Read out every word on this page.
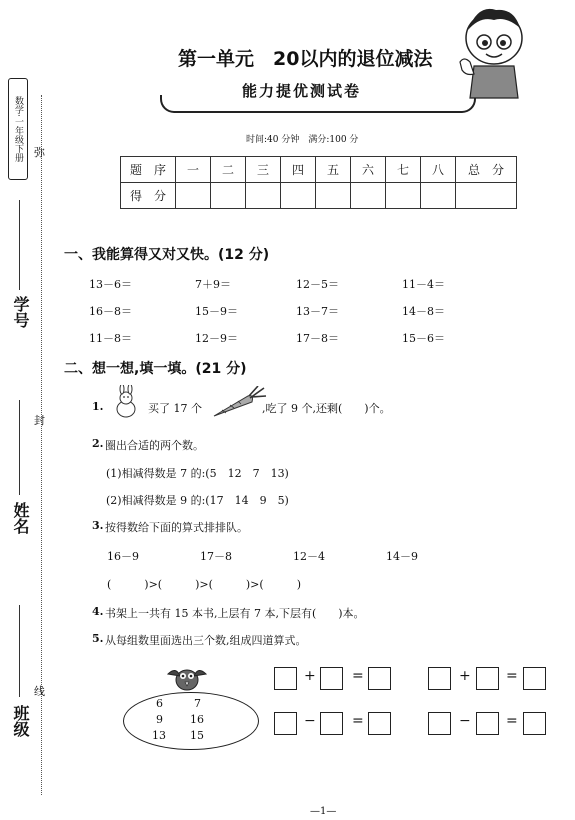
数学·一年级下册	弥
封
线
学号
姓名
班级
第一单元　20以内的退位减法
能力提优测试卷
时间:40 分钟　满分:100 分
题　序	一	二	三	四	五	六	七	八	总　分
得　分									
一、我能算得又对又快。(12 分)
13－6＝	7＋9＝	12－5＝	11－4＝
16－8＝	15－9＝	13－7＝	14－8＝
11－8＝	12－9＝	17－8＝	15－6＝
二、想一想,填一填。(21 分)
1.	买了 17 个	,吃了 9 个,还剩(　　)个。
2. 圈出合适的两个数。
(1)相减得数是 7 的:(5　12　7　13)
(2)相减得数是 9 的:(17　14　9　5)
3. 按得数给下面的算式排排队。
16－9	17－8	12－4	14－9
(　　　)>(　　　)>(　　　)>(　　　)
4. 书架上一共有 15 本书,上层有 7 本,下层有(　　)本。
5. 从每组数里面选出三个数,组成四道算式。
6	7
9 16
13 15
+	=	+	=
−	=	−	=
—1—
